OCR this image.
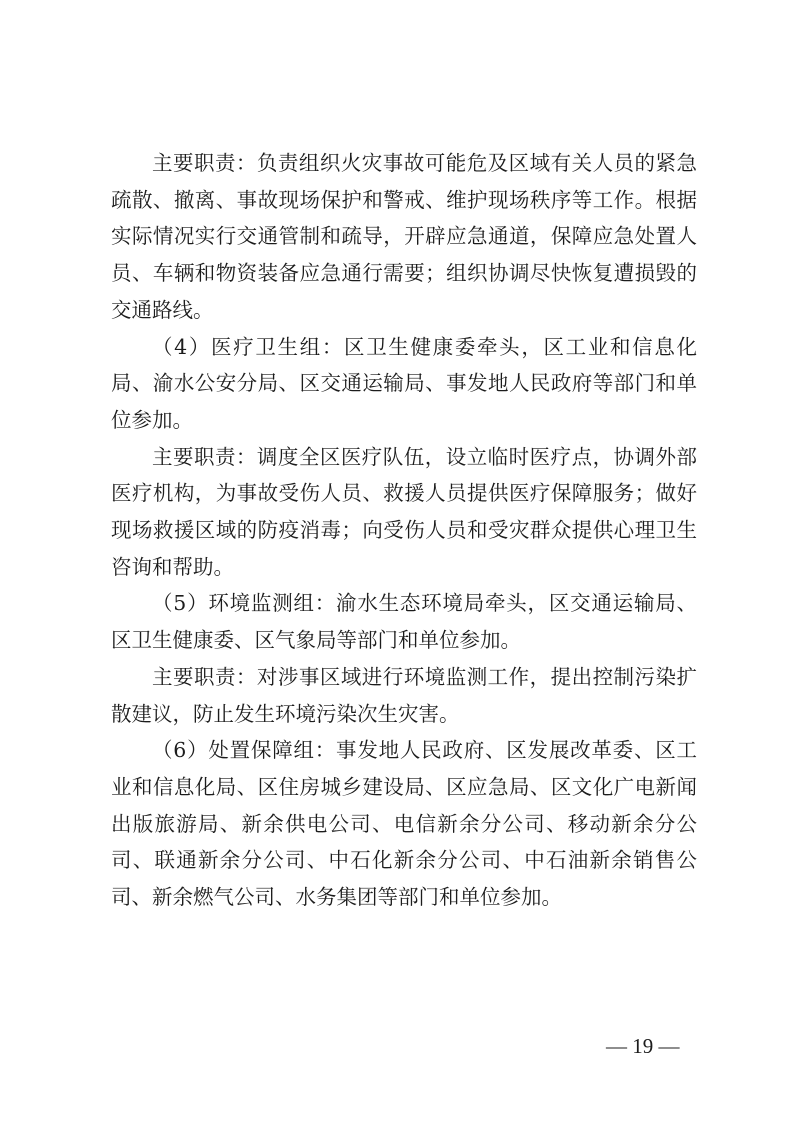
主要职责：负责组织火灾事故可能危及区域有关人员的紧急疏散、撤离、事故现场保护和警戒、维护现场秩序等工作。根据实际情况实行交通管制和疏导，开辟应急通道，保障应急处置人员、车辆和物资装备应急通行需要；组织协调尽快恢复遭损毁的交通路线。

（4）医疗卫生组：区卫生健康委牵头，区工业和信息化局、渝水公安分局、区交通运输局、事发地人民政府等部门和单位参加。

主要职责：调度全区医疗队伍，设立临时医疗点，协调外部医疗机构，为事故受伤人员、救援人员提供医疗保障服务；做好现场救援区域的防疫消毒；向受伤人员和受灾群众提供心理卫生咨询和帮助。

（5）环境监测组：渝水生态环境局牵头，区交通运输局、区卫生健康委、区气象局等部门和单位参加。

主要职责：对涉事区域进行环境监测工作，提出控制污染扩散建议，防止发生环境污染次生灾害。

（6）处置保障组：事发地人民政府、区发展改革委、区工业和信息化局、区住房城乡建设局、区应急局、区文化广电新闻出版旅游局、新余供电公司、电信新余分公司、移动新余分公司、联通新余分公司、中石化新余分公司、中石油新余销售公司、新余燃气公司、水务集团等部门和单位参加。

— 19 —
